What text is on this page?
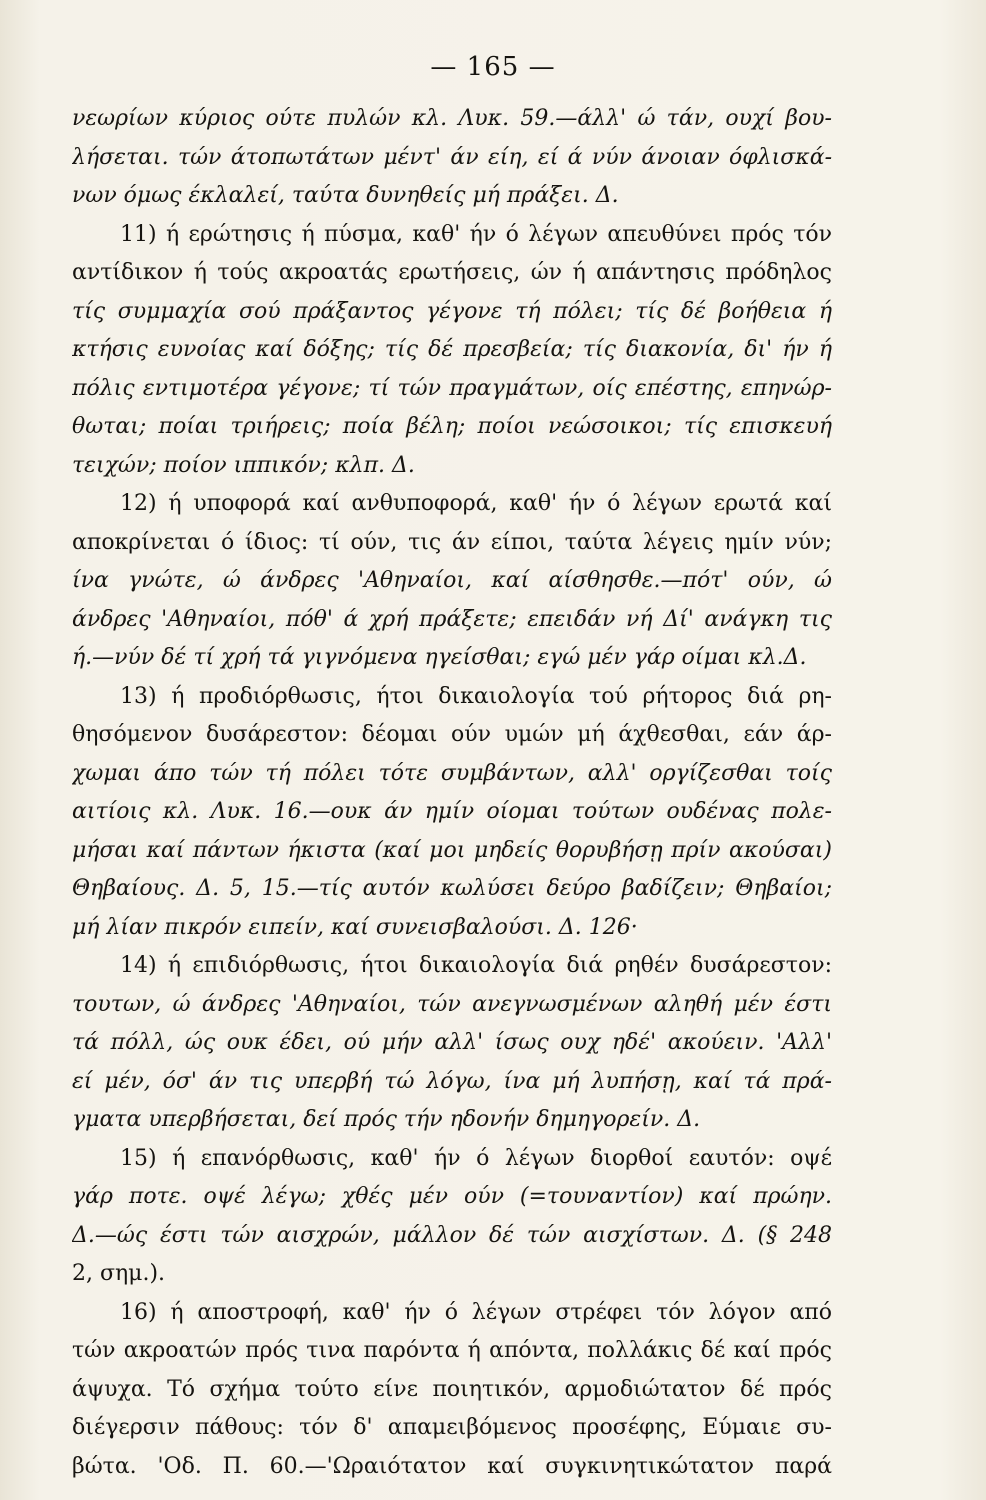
— 165 —
νεωρίων κύριος ούτε πυλών κλ. Λυκ. 59.—άλλ' ώ τάν, ουχί βου-
λήσεται. τών άτοπωτάτων μέντ' άν είη, εί ά νύν άνοιαν όφλισκά-
νων όμως έκλαλεί, ταύτα δυνηθείς μή πράξει. Δ.
11) ή ερώτησις ή πύσμα, καθ' ήν ό λέγων απευθύνει πρός τόν
αντίδικον ή τούς ακροατάς ερωτήσεις, ών ή απάντησις πρόδηλος
τίς συμμαχία σού πράξαντος γέγονε τή πόλει; τίς δέ βοήθεια ή
κτήσις ευνοίας καί δόξης; τίς δέ πρεσβεία; τίς διακονία, δι' ήν ή
πόλις εντιμοτέρα γέγονε; τί τών πραγμάτων, οίς επέστης, επηνώρ-
θωται; ποίαι τριήρεις; ποία βέλη; ποίοι νεώσοικοι; τίς επισκευή
τειχών; ποίον ιππικόν; κλπ. Δ.
12) ή υποφορά καί ανθυποφορά, καθ' ήν ό λέγων ερωτά καί
αποκρίνεται ό ίδιος: τί ούν, τις άν είποι, ταύτα λέγεις ημίν νύν;
ίνα γνώτε, ώ άνδρες 'Αθηναίοι, καί αίσθησθε.—πότ' ούν, ώ
άνδρες 'Αθηναίοι, πόθ' ά χρή πράξετε; επειδάν νή Δί' ανάγκη τις
ή.—νύν δέ τί χρή τά γιγνόμενα ηγείσθαι; εγώ μέν γάρ οίμαι κλ.Δ.
13) ή προδιόρθωσις, ήτοι δικαιολογία τού ρήτορος διά ρη-
θησόμενον δυσάρεστον: δέομαι ούν υμών μή άχθεσθαι, εάν άρ-
χωμαι άπο τών τή πόλει τότε συμβάντων, αλλ' οργίζεσθαι τοίς
αιτίοις κλ. Λυκ. 16.—ουκ άν ημίν οίομαι τούτων ουδένας πολε-
μήσαι καί πάντων ήκιστα (καί μοι μηδείς θορυβήσῃ πρίν ακούσαι)
Θηβαίους. Δ. 5, 15.—τίς αυτόν κωλύσει δεύρο βαδίζειν; Θηβαίοι;
μή λίαν πικρόν ειπείν, καί συνεισβαλούσι. Δ. 126·
14) ή επιδιόρθωσις, ήτοι δικαιολογία διά ρηθέν δυσάρεστον:
τουτων, ώ άνδρες 'Αθηναίοι, τών ανεγνωσμένων αληθή μέν έστι
τά πόλλ, ώς ουκ έδει, ού μήν αλλ' ίσως ουχ ηδέ' ακούειν. 'Αλλ'
εί μέν, όσ' άν τις υπερβή τώ λόγω, ίνα μή λυπήσῃ, καί τά πρά-
γματα υπερβήσεται, δεί πρός τήν ηδονήν δημηγορείν. Δ.
15) ή επανόρθωσις, καθ' ήν ό λέγων διορθοί εαυτόν: οψέ
γάρ ποτε. οψέ λέγω; χθές μέν ούν (=τουναντίον) καί πρώην.
Δ.—ώς έστι τών αισχρών, μάλλον δέ τών αισχίστων. Δ. (§ 248
2, σημ.).
16) ή αποστροφή, καθ' ήν ό λέγων στρέφει τόν λόγον από
τών ακροατών πρός τινα παρόντα ή απόντα, πολλάκις δέ καί πρός
άψυχα. Τό σχήμα τούτο είνε ποιητικόν, αρμοδιώτατον δέ πρός
διέγερσιν πάθους: τόν δ' απαμειβόμενος προσέφης, Εύμαιε συ-
βώτα. 'Οδ. Π. 60.—'Ωραιότατον καί συγκινητικώτατον παρά
